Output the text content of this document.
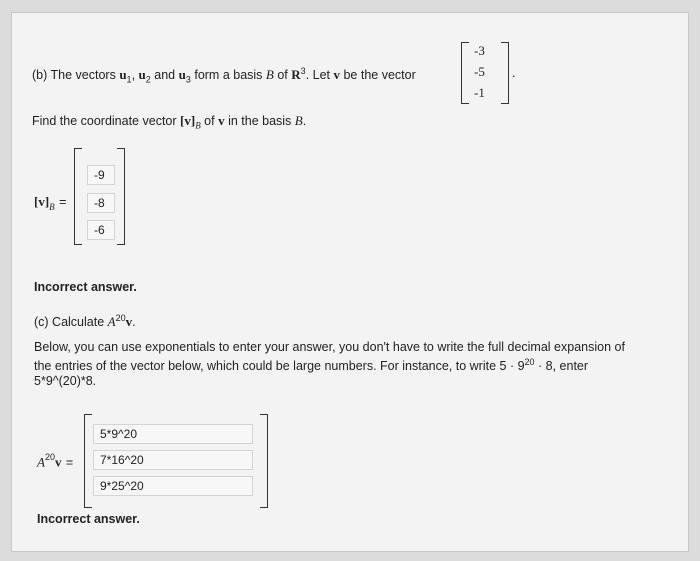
(b) The vectors $u_1$, $u_2$ and $u_3$ form a basis B of $R^3$. Let v be the vector
-3
-5
-1
.
Find the coordinate vector $[v]_B$ of v in the basis B.
$[v]_B$ =
-9
-8
-6
Incorrect answer.
(c) Calculate $A^{20}v$.
Below, you can use exponentials to enter your answer, you don't have to write the full decimal expansion of
the entries of the vector below, which could be large numbers. For instance, to write $5 \cdot 9^{20} \cdot 8$, enter
5*9^(20)*8.
$A^{20}v$ =
5*9^20
7*16^20
9*25^20
Incorrect answer.
